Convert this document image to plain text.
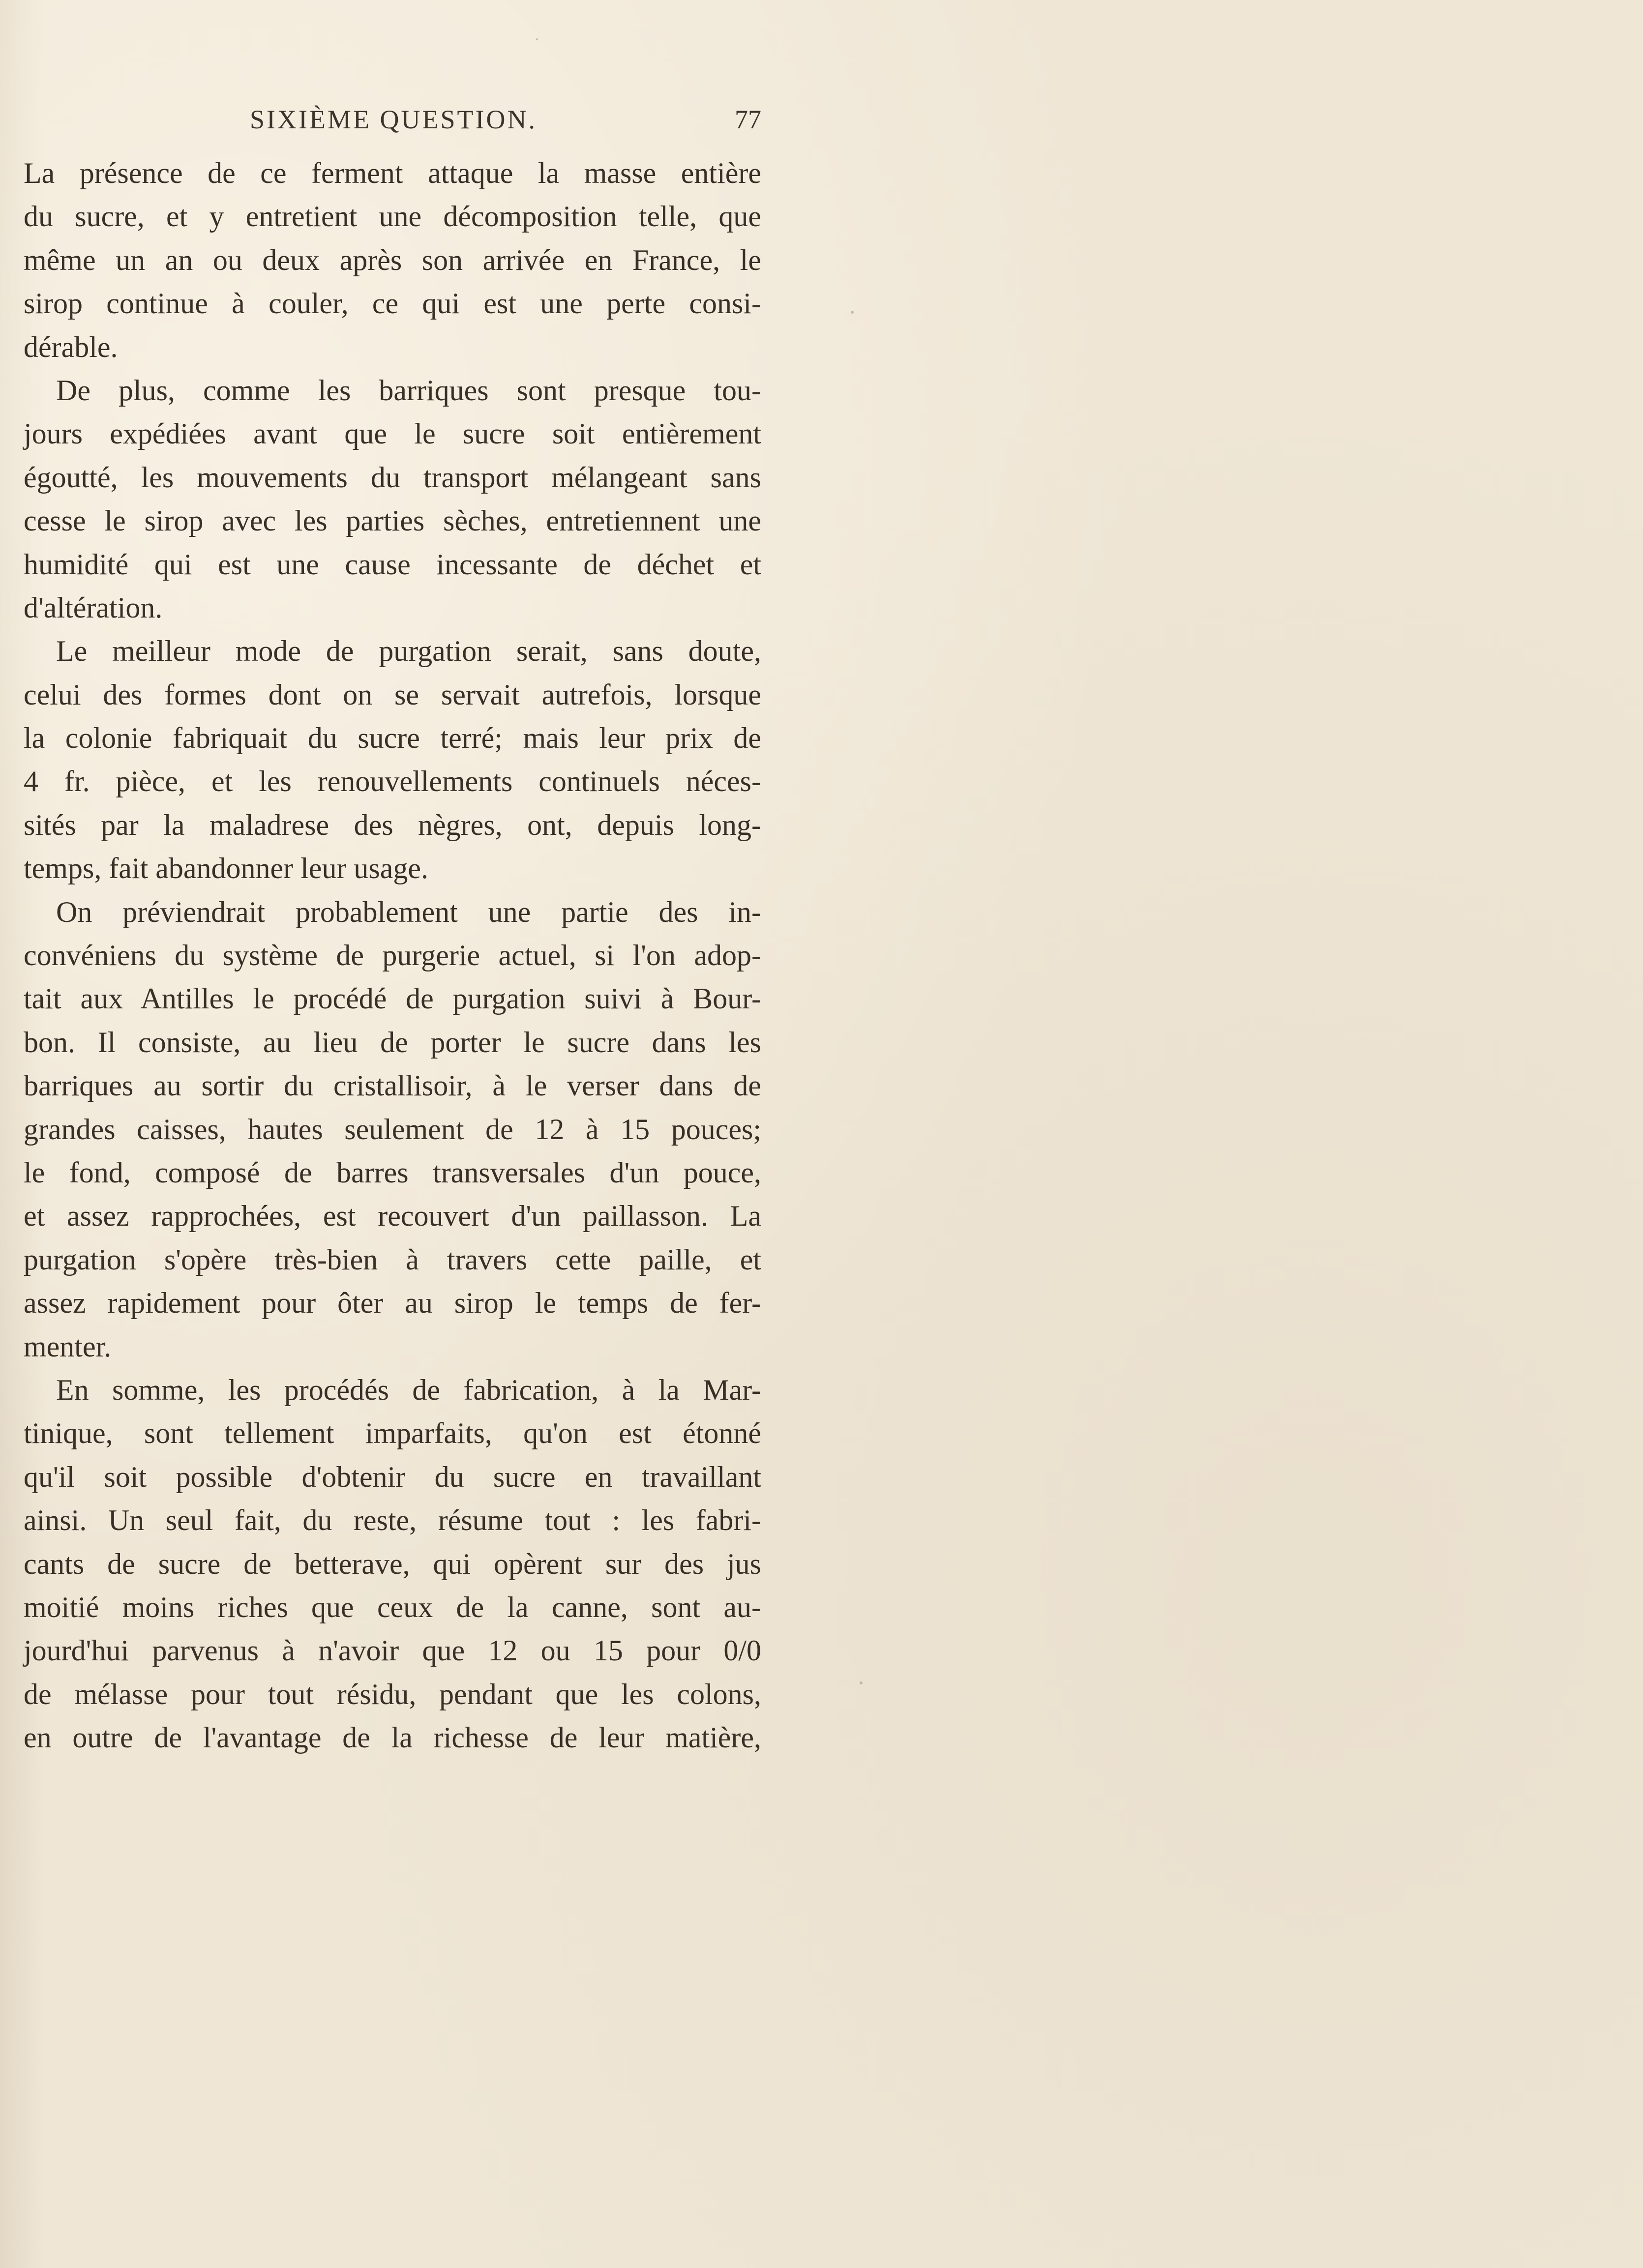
SIXIÈME QUESTION.	77
La présence de ce ferment attaque la masse entière
du sucre, et y entretient une décomposition telle, que
même un an ou deux après son arrivée en France, le
sirop continue à couler, ce qui est une perte consi-
dérable.
De plus, comme les barriques sont presque tou-
jours expédiées avant que le sucre soit entièrement
égoutté, les mouvements du transport mélangeant sans
cesse le sirop avec les parties sèches, entretiennent une
humidité qui est une cause incessante de déchet et
d'altération.
Le meilleur mode de purgation serait, sans doute,
celui des formes dont on se servait autrefois, lorsque
la colonie fabriquait du sucre terré; mais leur prix de
4 fr. pièce, et les renouvellements continuels néces-
sités par la maladrese des nègres, ont, depuis long-
temps, fait abandonner leur usage.
On préviendrait probablement une partie des in-
convéniens du système de purgerie actuel, si l'on adop-
tait aux Antilles le procédé de purgation suivi à Bour-
bon. Il consiste, au lieu de porter le sucre dans les
barriques au sortir du cristallisoir, à le verser dans de
grandes caisses, hautes seulement de 12 à 15 pouces;
le fond, composé de barres transversales d'un pouce,
et assez rapprochées, est recouvert d'un paillasson. La
purgation s'opère très-bien à travers cette paille, et
assez rapidement pour ôter au sirop le temps de fer-
menter.
En somme, les procédés de fabrication, à la Mar-
tinique, sont tellement imparfaits, qu'on est étonné
qu'il soit possible d'obtenir du sucre en travaillant
ainsi. Un seul fait, du reste, résume tout : les fabri-
cants de sucre de betterave, qui opèrent sur des jus
moitié moins riches que ceux de la canne, sont au-
jourd'hui parvenus à n'avoir que 12 ou 15 pour 0/0
de mélasse pour tout résidu, pendant que les colons,
en outre de l'avantage de la richesse de leur matière,
